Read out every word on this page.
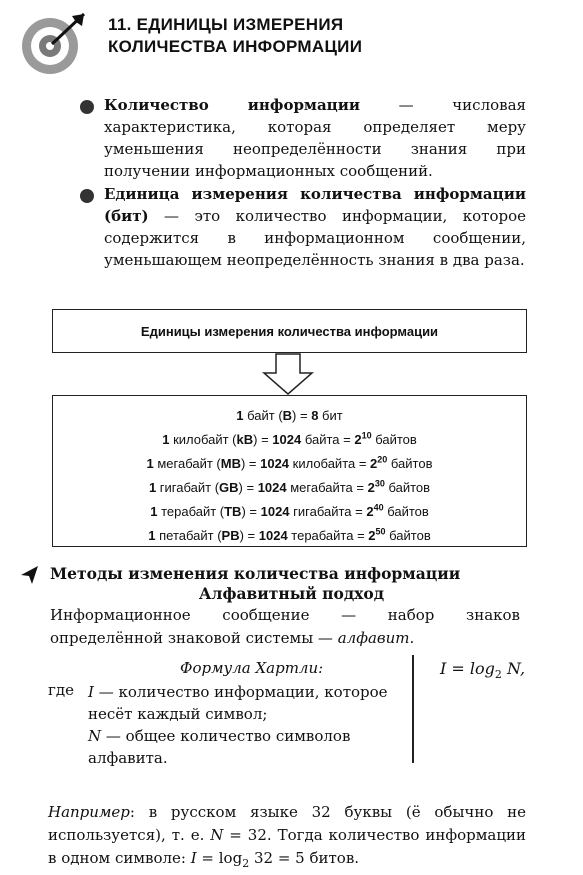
11. ЕДИНИЦЫ ИЗМЕРЕНИЯ
КОЛИЧЕСТВА ИНФОРМАЦИИ
Количество информации — числовая характеристика, которая определяет меру уменьшения неопределённости знания при получении информационных сообщений.
Единица измерения количества информации (бит) — это количество информации, которое содержится в информационном сообщении, уменьшающем неопределённость знания в два раза.
Единицы измерения количества информации
1 байт (B) = 8 бит
1 килобайт (kB) = 1024 байта = $2^{10}$ байтов
1 мегабайт (MB) = 1024 килобайта = $2^{20}$ байтов
1 гигабайт (GB) = 1024 мегабайта = $2^{30}$ байтов
1 терабайт (TB) = 1024 гигабайта = $2^{40}$ байтов
1 петабайт (PB) = 1024 терабайта = $2^{50}$ байтов
Методы изменения количества информации
Алфавитный подход
Информационное сообщение — набор знаков определённой знаковой системы — алфавит.
Формула Хартли:
где I — количество информации, которое несёт каждый символ;
N — общее количество символов алфавита.
$I = \log_2 N$,
Например: в русском языке 32 буквы (ё обычно не используется), т. е. N = 32. Тогда количество информации в одном символе: $I = \log_2 32 = 5$ битов.
